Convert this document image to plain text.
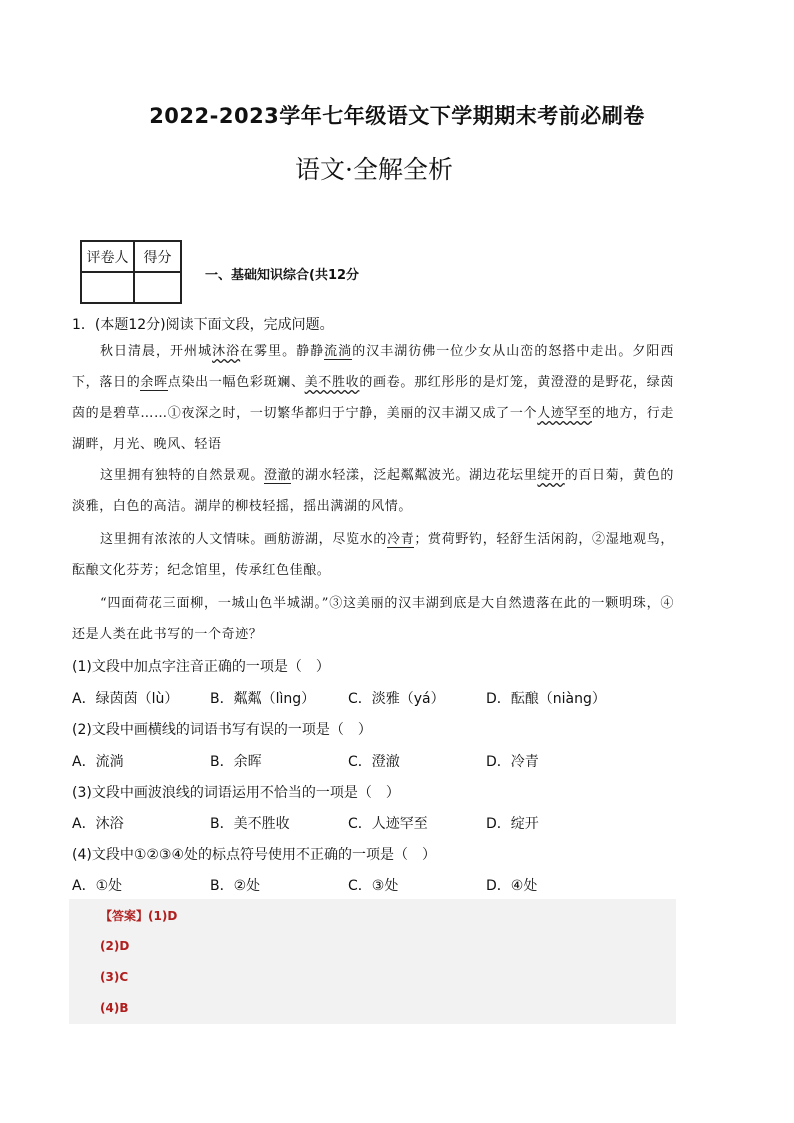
2022-2023学年七年级语文下学期期末考前必刷卷
语文·全解全析
评卷人	得分

一、基础知识综合(共12分
1．(本题12分)阅读下面文段，完成问题。
秋日清晨，开州城沐浴在雾里。静静流淌的汉丰湖彷佛一位少女从山峦的怒搭中走出。夕阳西下，落日的余晖点染出一幅色彩斑斓、美不胜收的画卷。那红彤彤的是灯笼，黄澄澄的是野花，绿茵茵的是碧草……①夜深之时，一切繁华都归于宁静，美丽的汉丰湖又成了一个人迹罕至的地方，行走湖畔，月光、晚风、轻语
这里拥有独特的自然景观。澄澈的湖水轻漾，泛起粼粼波光。湖边花坛里绽开的百日菊，黄色的淡雅，白色的高洁。湖岸的柳枝轻摇，摇出满湖的风情。
这里拥有浓浓的人文情味。画舫游湖，尽览水的冷青；赏荷野钓，轻舒生活闲韵，②湿地观鸟，酝酿文化芬芳；纪念馆里，传承红色佳酿。
“四面荷花三面柳，一城山色半城湖。”③这美丽的汉丰湖到底是大自然遗落在此的一颗明珠，④还是人类在此书写的一个奇迹？
(1)文段中加点字注音正确的一项是（　）
A．绿茵茵（lù） B．粼粼（lìng） C．淡雅（yá）	D．酝酿（niàng）
(2)文段中画横线的词语书写有误的一项是（　）
A．流淌	B．余晖	C．澄澈	D．冷青
(3)文段中画波浪线的词语运用不恰当的一项是（　）
A．沐浴	B．美不胜收	C．人迹罕至	D．绽开
(4)文段中①②③④处的标点符号使用不正确的一项是（　）
A．①处	B．②处	C．③处	D．④处
【答案】(1)D
(2)D
(3)C
(4)B
